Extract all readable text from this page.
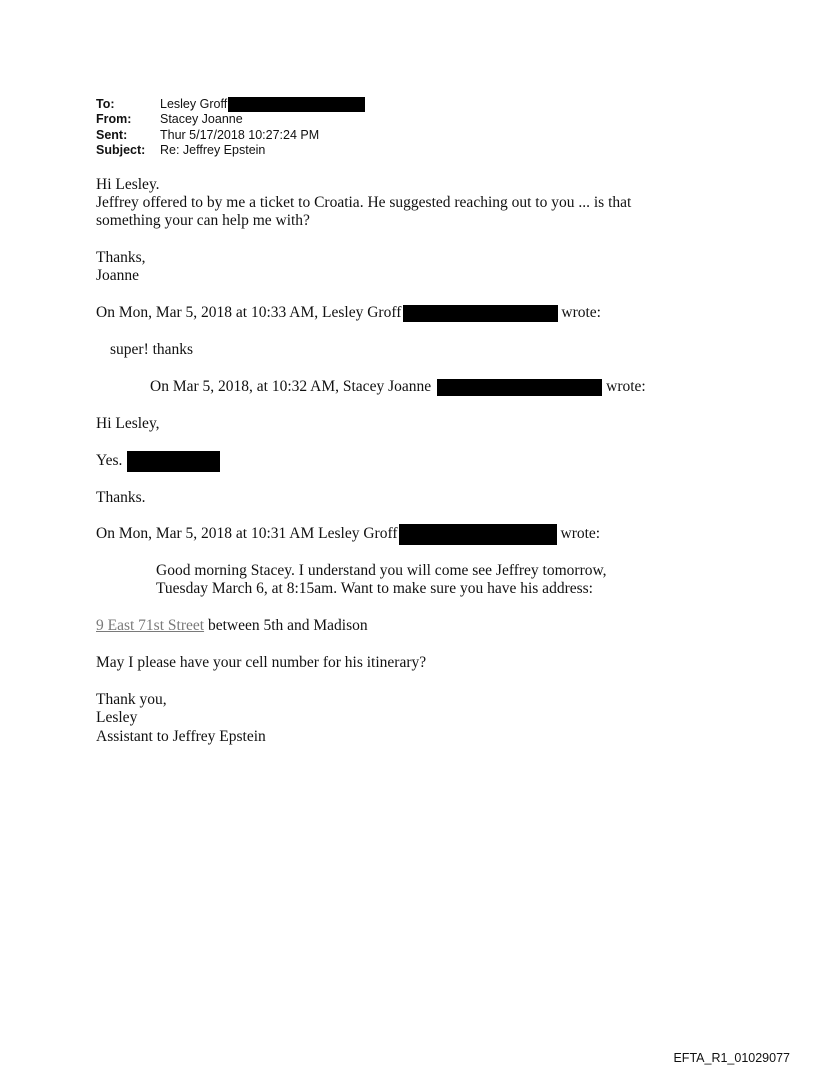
To:	Lesley Groff
From: Stacey Joanne
Sent:	Thur 5/17/2018 10:27:24 PM
Subject: Re: Jeffrey Epstein
Hi Lesley.
Jeffrey offered to by me a ticket to Croatia. He suggested reaching out to you ... is that
something your can help me with?
Thanks,
Joanne
On Mon, Mar 5, 2018 at 10:33 AM, Lesley Groff	wrote:
super! thanks
On Mar 5, 2018, at 10:32 AM, Stacey Joanne	wrote:
Hi Lesley,
Yes.
Thanks.
On Mon, Mar 5, 2018 at 10:31 AM Lesley Groff	wrote:
Good morning Stacey. I understand you will come see Jeffrey tomorrow,
Tuesday March 6, at 8:15am. Want to make sure you have his address:
9 East 71st Street between 5th and Madison
May I please have your cell number for his itinerary?
Thank you,
Lesley
Assistant to Jeffrey Epstein
EFTA_R1_01029077
